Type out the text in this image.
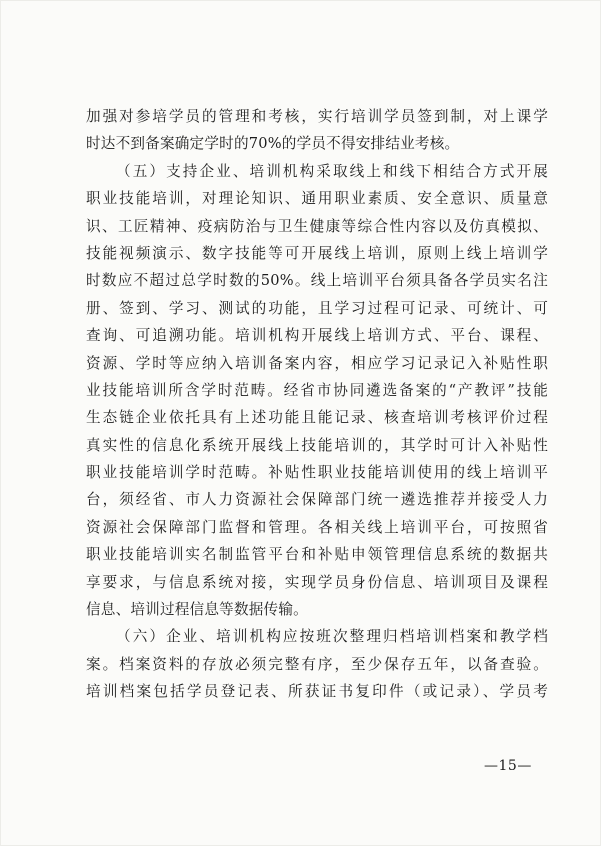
加强对参培学员的管理和考核，实行培训学员签到制，对上课学
时达不到备案确定学时的70%的学员不得安排结业考核。
（五）支持企业、培训机构采取线上和线下相结合方式开展
职业技能培训，对理论知识、通用职业素质、安全意识、质量意
识、工匠精神、疫病防治与卫生健康等综合性内容以及仿真模拟、
技能视频演示、数字技能等可开展线上培训，原则上线上培训学
时数应不超过总学时数的50%。线上培训平台须具备各学员实名注
册、签到、学习、测试的功能，且学习过程可记录、可统计、可
查询、可追溯功能。培训机构开展线上培训方式、平台、课程、
资源、学时等应纳入培训备案内容，相应学习记录记入补贴性职
业技能培训所含学时范畴。经省市协同遴选备案的“产教评”技能
生态链企业依托具有上述功能且能记录、核查培训考核评价过程
真实性的信息化系统开展线上技能培训的，其学时可计入补贴性
职业技能培训学时范畴。补贴性职业技能培训使用的线上培训平
台，须经省、市人力资源社会保障部门统一遴选推荐并接受人力
资源社会保障部门监督和管理。各相关线上培训平台，可按照省
职业技能培训实名制监管平台和补贴申领管理信息系统的数据共
享要求，与信息系统对接，实现学员身份信息、培训项目及课程
信息、培训过程信息等数据传输。
（六）企业、培训机构应按班次整理归档培训档案和教学档
案。档案资料的存放必须完整有序，至少保存五年，以备查验。
培训档案包括学员登记表、所获证书复印件（或记录）、学员考
—15—
